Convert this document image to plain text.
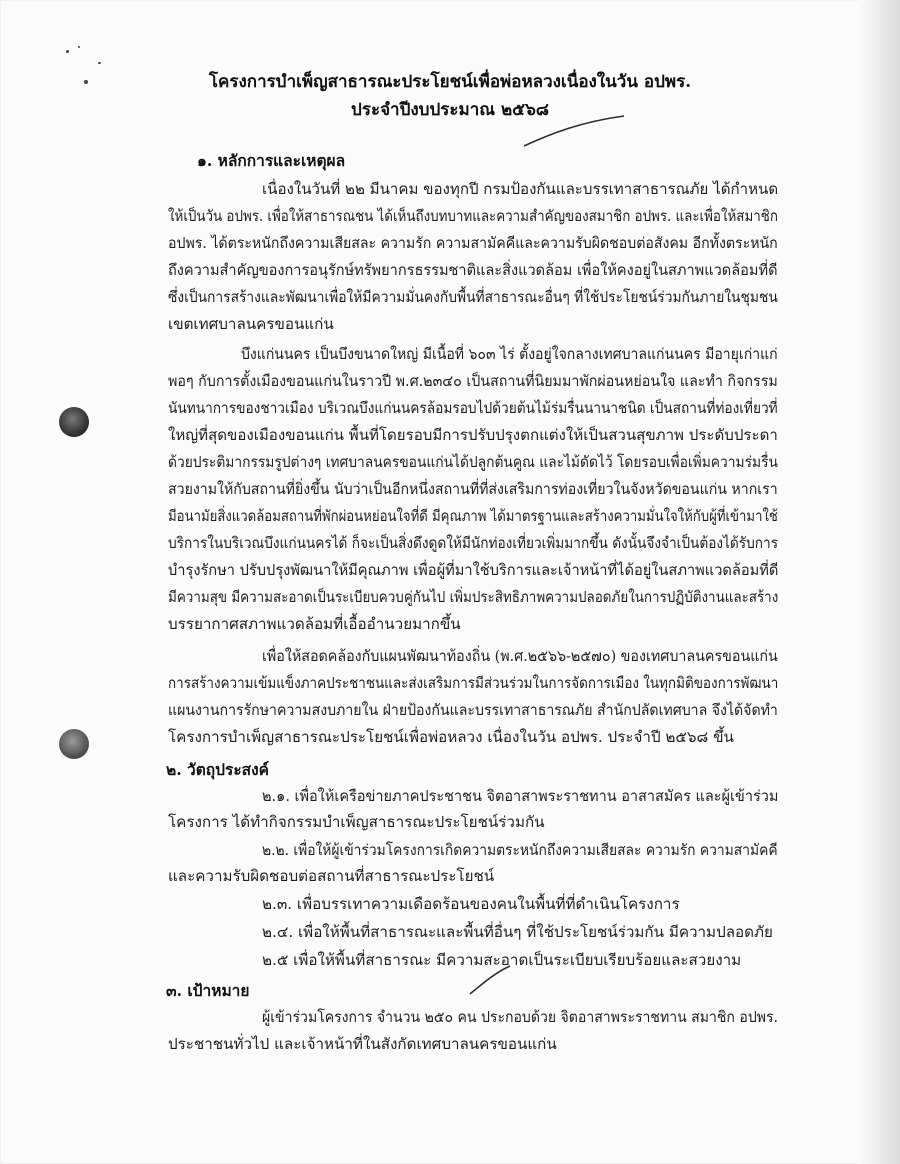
โครงการบำเพ็ญสาธารณะประโยชน์เพื่อพ่อหลวงเนื่องในวัน อปพร.
ประจำปีงบประมาณ ๒๕๖๘
๑. หลักการและเหตุผล
เนื่องในวันที่ ๒๒ มีนาคม ของทุกปี กรมป้องกันและบรรเทาสาธารณภัย ได้กำหนด
ให้เป็นวัน อปพร. เพื่อให้สาธารณชน ได้เห็นถึงบทบาทและความสำคัญของสมาชิก อปพร. และเพื่อให้สมาชิก
อปพร. ได้ตระหนักถึงความเสียสละ ความรัก ความสามัคคีและความรับผิดชอบต่อสังคม อีกทั้งตระหนัก
ถึงความสำคัญของการอนุรักษ์ทรัพยากรธรรมชาติและสิ่งแวดล้อม เพื่อให้คงอยู่ในสภาพแวดล้อมที่ดี
ซึ่งเป็นการสร้างและพัฒนาเพื่อให้มีความมั่นคงกับพื้นที่สาธารณะอื่นๆ ที่ใช้ประโยชน์ร่วมกันภายในชุมชน
เขตเทศบาลนครขอนแก่น
บึงแก่นนคร เป็นบึงขนาดใหญ่ มีเนื้อที่ ๖๐๓ ไร่ ตั้งอยู่ใจกลางเทศบาลแก่นนคร มีอายุเก่าแก่
พอๆ กับการตั้งเมืองขอนแก่นในราวปี พ.ศ.๒๓๔๐ เป็นสถานที่นิยมมาพักผ่อนหย่อนใจ และทำ กิจกรรม
นันทนาการของชาวเมือง บริเวณบึงแก่นนครล้อมรอบไปด้วยต้นไม้ร่มรื่นนานาชนิด เป็นสถานที่ท่องเที่ยวที่
ใหญ่ที่สุดของเมืองขอนแก่น พื้นที่โดยรอบมีการปรับปรุงตกแต่งให้เป็นสวนสุขภาพ ประดับประดา
ด้วยประติมากรรมรูปต่างๆ เทศบาลนครขอนแก่นได้ปลูกต้นคูณ และไม้ดัดไว้ โดยรอบเพื่อเพิ่มความร่มรื่น
สวยงามให้กับสถานที่ยิ่งขึ้น นับว่าเป็นอีกหนึ่งสถานที่ที่ส่งเสริมการท่องเที่ยวในจังหวัดขอนแก่น หากเรา
มีอนามัยสิ่งแวดล้อมสถานที่พักผ่อนหย่อนใจที่ดี มีคุณภาพ ได้มาตรฐานและสร้างความมั่นใจให้กับผู้ที่เข้ามาใช้
บริการในบริเวณบึงแก่นนครได้ ก็จะเป็นสิ่งดึงดูดให้มีนักท่องเที่ยวเพิ่มมากขึ้น ดังนั้นจึงจำเป็นต้องได้รับการ
บำรุงรักษา ปรับปรุงพัฒนาให้มีคุณภาพ เพื่อผู้ที่มาใช้บริการและเจ้าหน้าที่ได้อยู่ในสภาพแวดล้อมที่ดี
มีความสุข มีความสะอาดเป็นระเบียบควบคู่กันไป เพิ่มประสิทธิภาพความปลอดภัยในการปฏิบัติงานและสร้าง
บรรยากาศสภาพแวดล้อมที่เอื้ออำนวยมากขึ้น
เพื่อให้สอดคล้องกับแผนพัฒนาท้องถิ่น (พ.ศ.๒๕๖๖-๒๕๗๐) ของเทศบาลนครขอนแก่น
การสร้างความเข้มแข็งภาคประชาชนและส่งเสริมการมีส่วนร่วมในการจัดการเมือง ในทุกมิติของการพัฒนา
แผนงานการรักษาความสงบภายใน ฝ่ายป้องกันและบรรเทาสาธารณภัย สำนักปลัดเทศบาล จึงได้จัดทำ
โครงการบำเพ็ญสาธารณะประโยชน์เพื่อพ่อหลวง เนื่องในวัน อปพร. ประจำปี ๒๕๖๘ ขึ้น
๒. วัตถุประสงค์
๒.๑. เพื่อให้เครือข่ายภาคประชาชน จิตอาสาพระราชทาน อาสาสมัคร และผู้เข้าร่วม
โครงการ ได้ทำกิจกรรมบำเพ็ญสาธารณะประโยชน์ร่วมกัน
๒.๒. เพื่อให้ผู้เข้าร่วมโครงการเกิดความตระหนักถึงความเสียสละ ความรัก ความสามัคคี
และความรับผิดชอบต่อสถานที่สาธารณะประโยชน์
๒.๓. เพื่อบรรเทาความเดือดร้อนของคนในพื้นที่ที่ดำเนินโครงการ
๒.๔. เพื่อให้พื้นที่สาธารณะและพื้นที่อื่นๆ ที่ใช้ประโยชน์ร่วมกัน มีความปลอดภัย
๒.๕ เพื่อให้พื้นที่สาธารณะ มีความสะอาดเป็นระเบียบเรียบร้อยและสวยงาม
๓. เป้าหมาย
ผู้เข้าร่วมโครงการ จำนวน ๒๕๐ คน ประกอบด้วย จิตอาสาพระราชทาน สมาชิก อปพร.
ประชาชนทั่วไป และเจ้าหน้าที่ในสังกัดเทศบาลนครขอนแก่น
